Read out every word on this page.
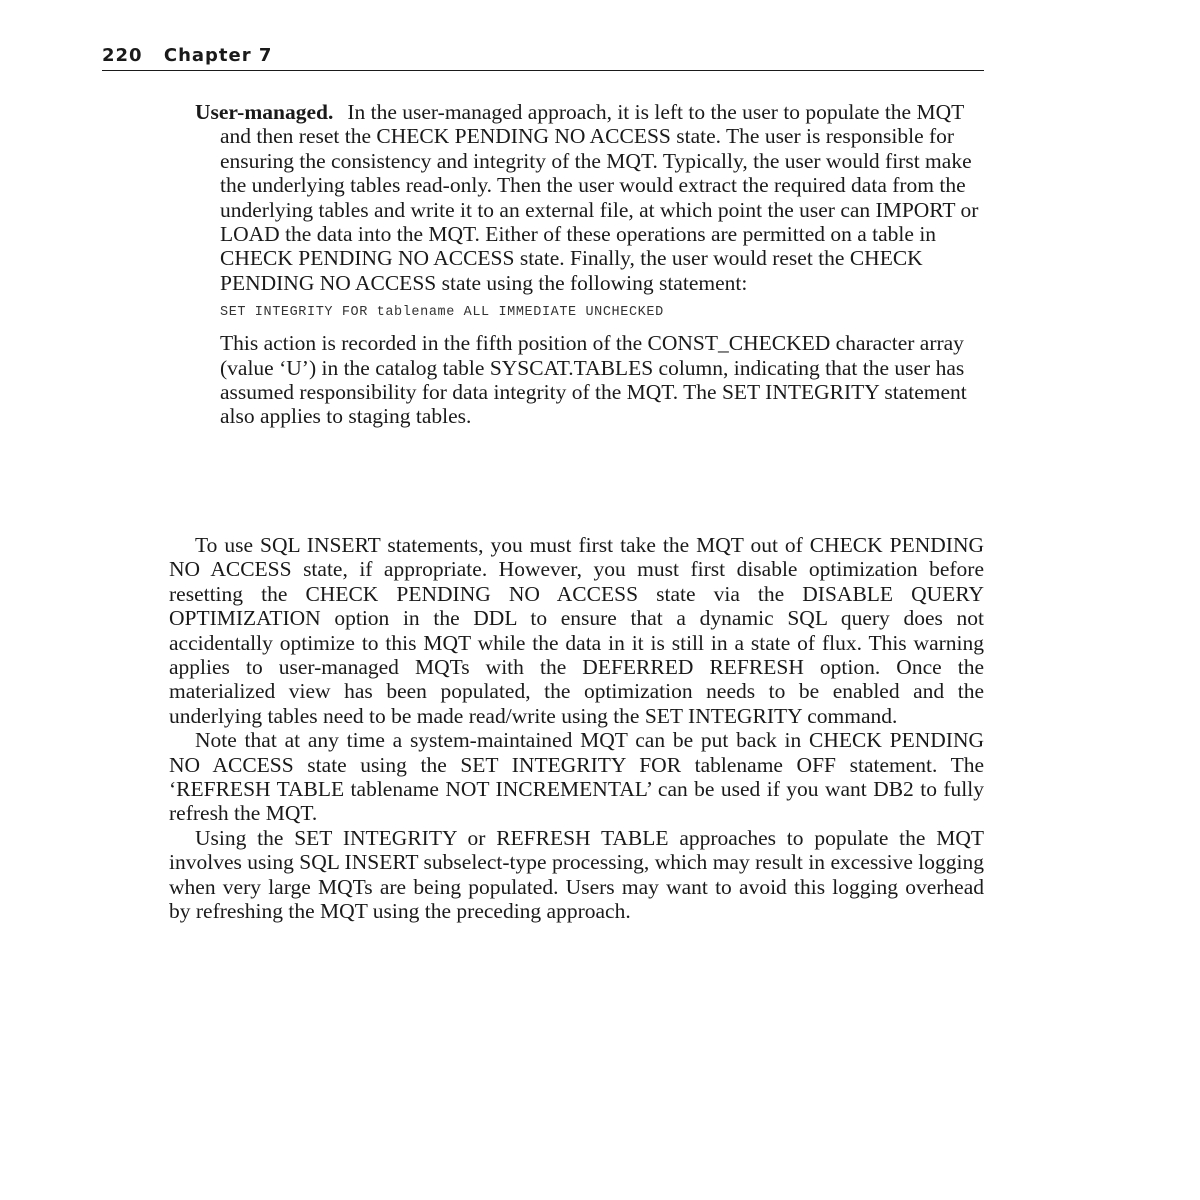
220 Chapter 7

User-managed. In the user-managed approach, it is left to the user to populate the MQT and then reset the CHECK PENDING NO ACCESS state. The user is responsible for ensuring the consistency and integrity of the MQT. Typically, the user would first make the underlying tables read-only. Then the user would extract the required data from the underlying tables and write it to an external file, at which point the user can IMPORT or LOAD the data into the MQT. Either of these operations are permitted on a table in CHECK PENDING NO ACCESS state. Finally, the user would reset the CHECK PENDING NO ACCESS state using the following statement:

SET INTEGRITY FOR tablename ALL IMMEDIATE UNCHECKED

This action is recorded in the fifth position of the CONST_CHECKED character array (value ‘U’) in the catalog table SYSCAT.TABLES column, indicating that the user has assumed responsibility for data integrity of the MQT. The SET INTEGRITY statement also applies to staging tables.

To use SQL INSERT statements, you must first take the MQT out of CHECK PENDING NO ACCESS state, if appropriate. However, you must first disable optimization before resetting the CHECK PENDING NO ACCESS state via the DISABLE QUERY OPTIMIZATION option in the DDL to ensure that a dynamic SQL query does not accidentally optimize to this MQT while the data in it is still in a state of flux. This warning applies to user-managed MQTs with the DEFERRED REFRESH option. Once the materialized view has been populated, the optimization needs to be enabled and the underlying tables need to be made read/write using the SET INTEGRITY command.

Note that at any time a system-maintained MQT can be put back in CHECK PENDING NO ACCESS state using the SET INTEGRITY FOR tablename OFF statement. The ‘REFRESH TABLE tablename NOT INCREMENTAL’ can be used if you want DB2 to fully refresh the MQT.

Using the SET INTEGRITY or REFRESH TABLE approaches to populate the MQT involves using SQL INSERT subselect-type processing, which may result in excessive logging when very large MQTs are being populated. Users may want to avoid this logging overhead by refreshing the MQT using the preceding approach.
